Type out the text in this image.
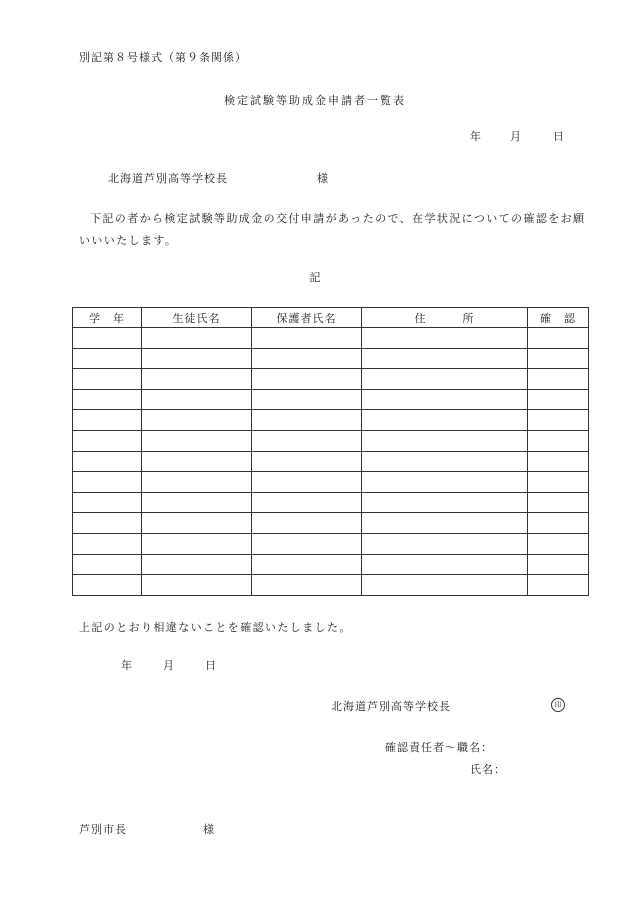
別記第８号様式（第９条関係）
検定試験等助成金申請者一覧表
年	月	日
北海道芦別高等学校長	様
下記の者から検定試験等助成金の交付申請があったので、在学状況についての確認をお願いいいたします。
記
学　年	生徒氏名	保護者氏名	住　　　所	確　認

上記のとおり相違ないことを確認いたしました。
年	月	日
北海道芦別高等学校長	印
確認責任者～職名：
氏名：
芦別市長	様
